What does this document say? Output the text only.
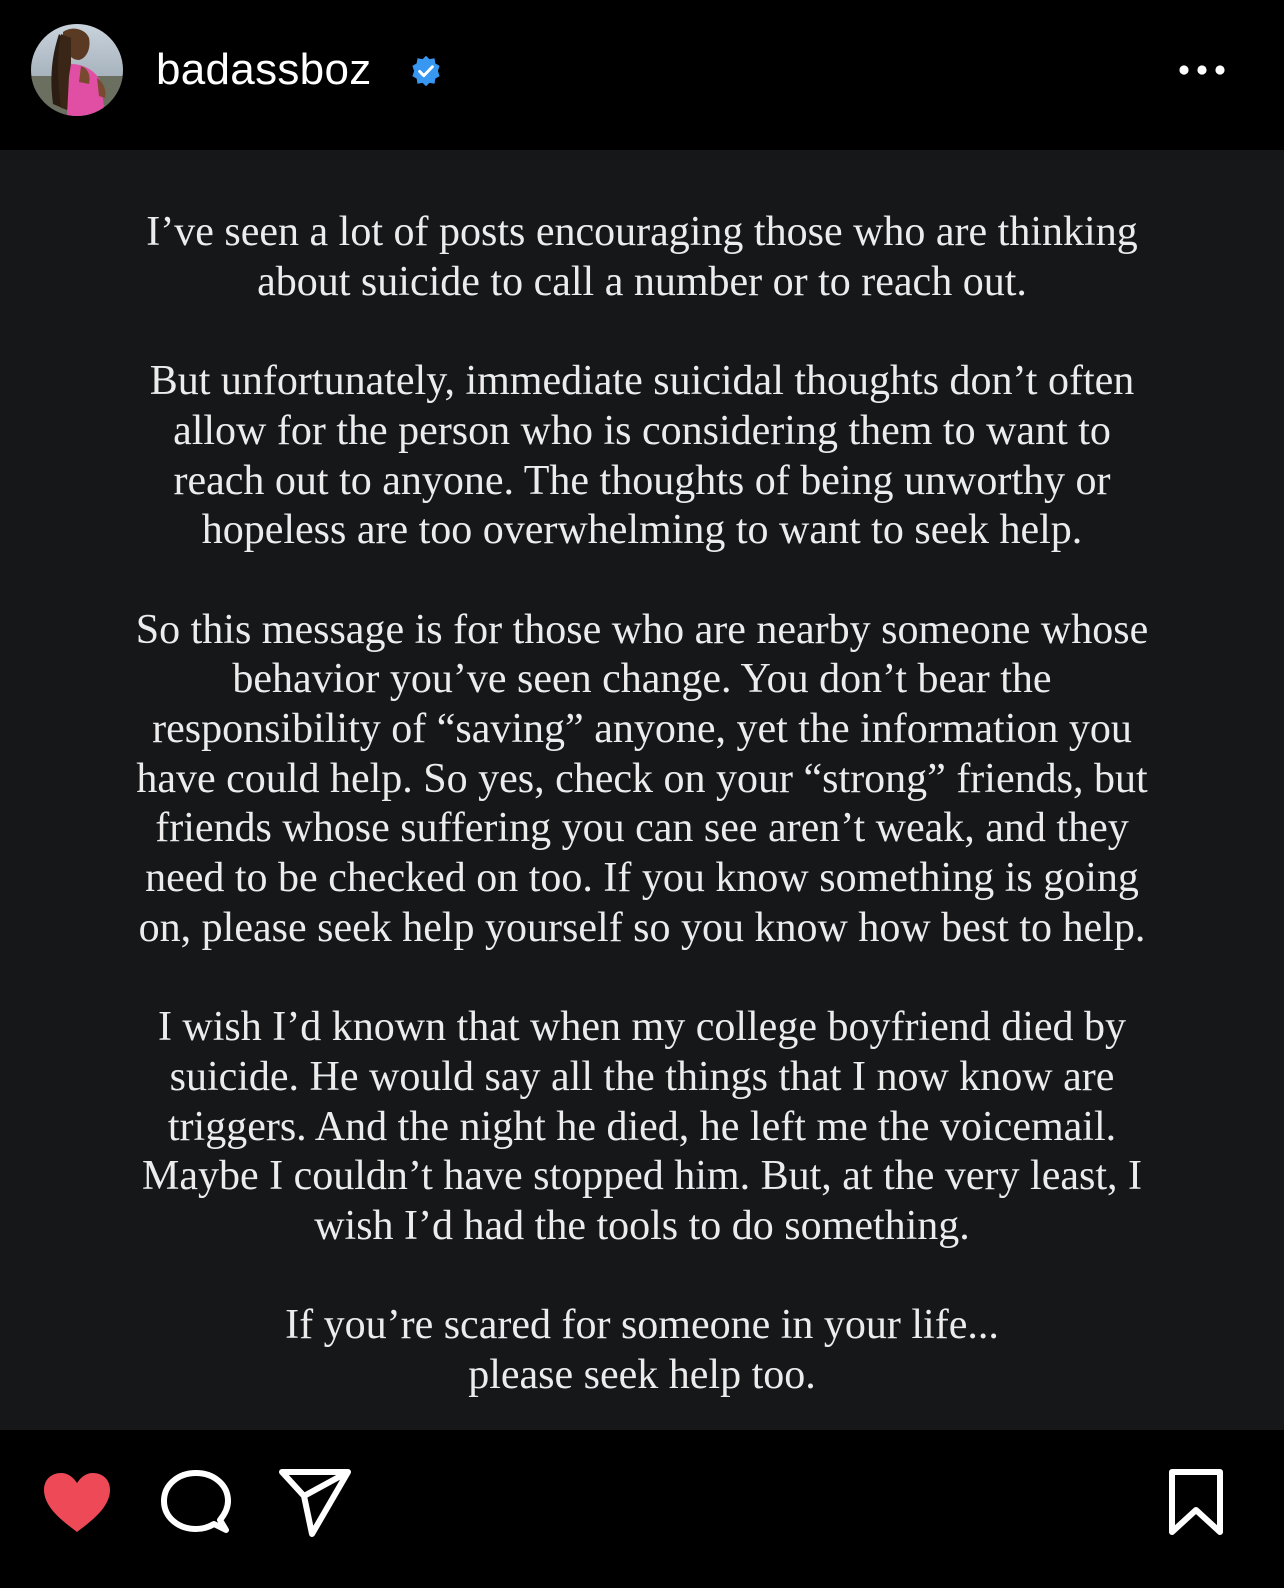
badassboz

I’ve seen a lot of posts encouraging those who are thinking
about suicide to call a number or to reach out.

But unfortunately, immediate suicidal thoughts don’t often
allow for the person who is considering them to want to
reach out to anyone. The thoughts of being unworthy or
hopeless are too overwhelming to want to seek help.

So this message is for those who are nearby someone whose
behavior you’ve seen change. You don’t bear the
responsibility of “saving” anyone, yet the information you
have could help. So yes, check on your “strong” friends, but
friends whose suffering you can see aren’t weak, and they
need to be checked on too. If you know something is going
on, please seek help yourself so you know how best to help.

I wish I’d known that when my college boyfriend died by
suicide. He would say all the things that I now know are
triggers. And the night he died, he left me the voicemail.
Maybe I couldn’t have stopped him. But, at the very least, I
wish I’d had the tools to do something.

If you’re scared for someone in your life...
please seek help too.
